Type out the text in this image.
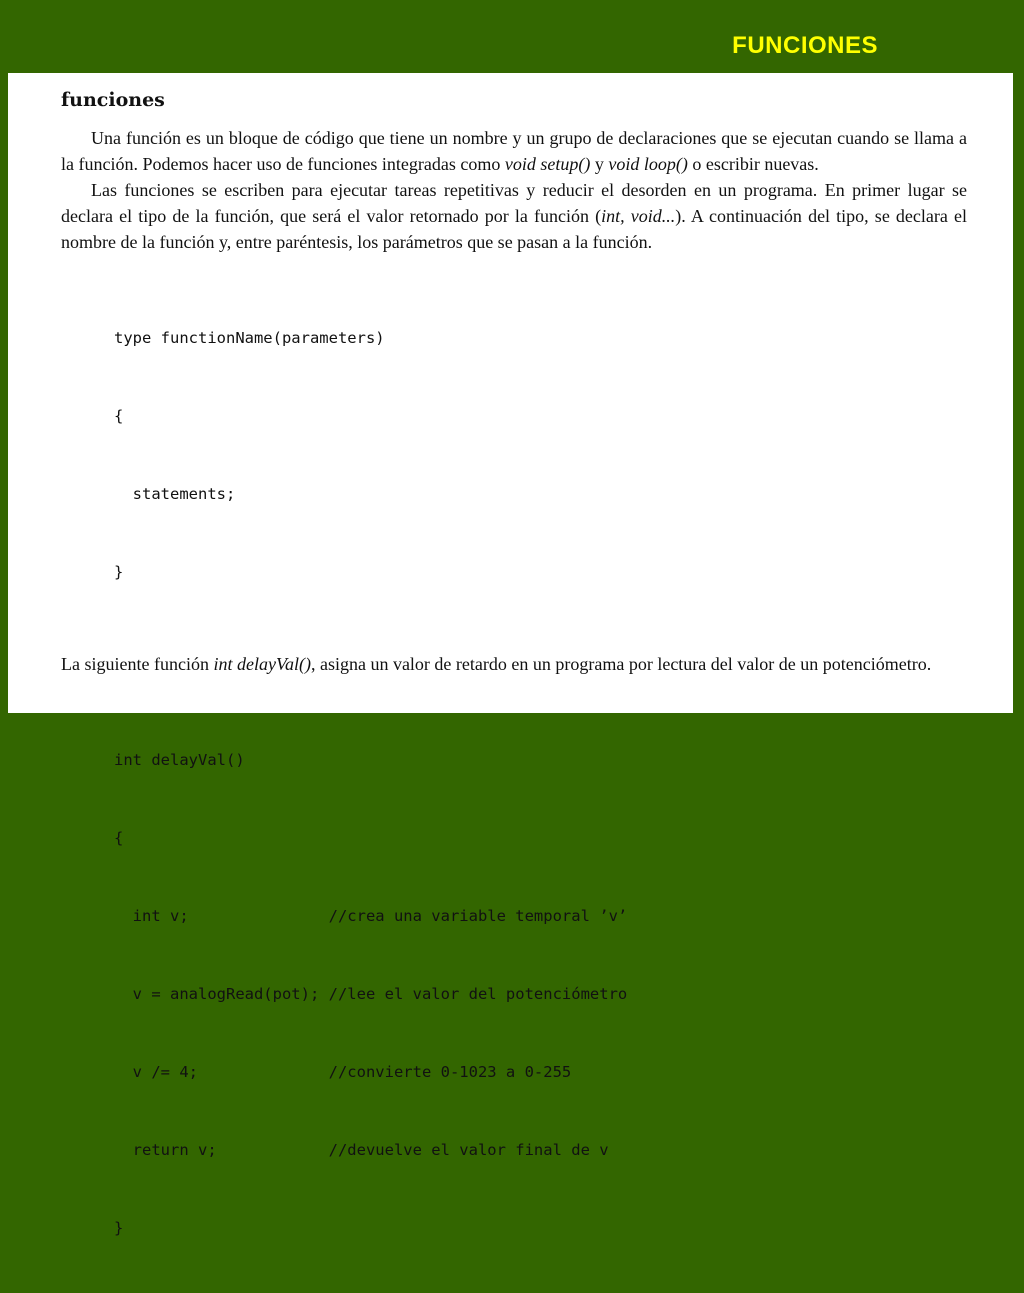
FUNCIONES
funciones

Una función es un bloque de código que tiene un nombre y un grupo de declaraciones que se ejecutan cuando se llama a la función. Podemos hacer uso de funciones integradas como void setup() y void loop() o escribir nuevas.

Las funciones se escriben para ejecutar tareas repetitivas y reducir el desorden en un programa. En primer lugar se declara el tipo de la función, que será el valor retornado por la función (int, void...). A continuación del tipo, se declara el nombre de la función y, entre paréntesis, los parámetros que se pasan a la función.

type functionName(parameters)

{

statements;

}

La siguiente función int delayVal(), asigna un valor de retardo en un programa por lectura del valor de un potenciómetro.

int delayVal()

{

int v;               //crea una variable temporal ’v’

v = analogRead(pot); //lee el valor del potenciómetro

v /= 4;              //convierte 0-1023 a 0-255

return v;            //devuelve el valor final de v

}
